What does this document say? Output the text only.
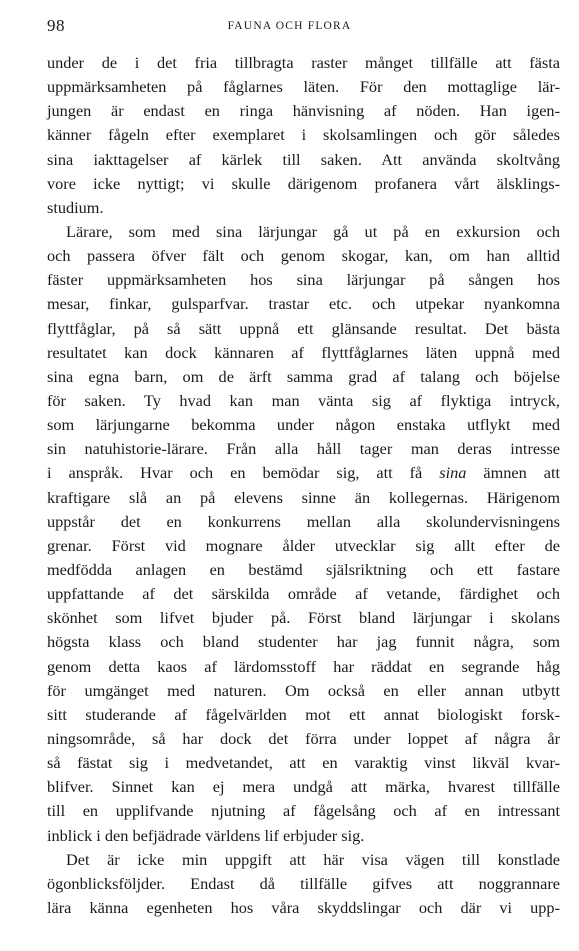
98	FAUNA OCH FLORA
under de i det fria tillbragta raster månget tillfälle att fästa
uppmärksamheten på fåglarnes läten. För den mottaglige lär-
jungen är endast en ringa hänvisning af nöden. Han igen-
känner fågeln efter exemplaret i skolsamlingen och gör således
sina iakttagelser af kärlek till saken. Att använda skoltvång
vore icke nyttigt; vi skulle därigenom profanera vårt älsklings-
studium.
Lärare, som med sina lärjungar gå ut på en exkursion och
och passera öfver fält och genom skogar, kan, om han alltid
fäster uppmärksamheten hos sina lärjungar på sången hos
mesar, finkar, gulsparfvar. trastar etc. och utpekar nyankomna
flyttfåglar, på så sätt uppnå ett glänsande resultat. Det bästa
resultatet kan dock kännaren af flyttfåglarnes läten uppnå med
sina egna barn, om de ärft samma grad af talang och böjelse
för saken. Ty hvad kan man vänta sig af flyktiga intryck,
som lärjungarne bekomma under någon enstaka utflykt med
sin natuhistorie-lärare. Från alla håll tager man deras intresse
i anspråk. Hvar och en bemödar sig, att få sina ämnen att
kraftigare slå an på elevens sinne än kollegernas. Härigenom
uppstår det en konkurrens mellan alla skolundervisningens
grenar. Först vid mognare ålder utvecklar sig allt efter de
medfödda anlagen en bestämd själsriktning och ett fastare
uppfattande af det särskilda område af vetande, färdighet och
skönhet som lifvet bjuder på. Först bland lärjungar i skolans
högsta klass och bland studenter har jag funnit några, som
genom detta kaos af lärdomsstoff har räddat en segrande håg
för umgänget med naturen. Om också en eller annan utbytt
sitt studerande af fågelvärlden mot ett annat biologiskt forsk-
ningsområde, så har dock det förra under loppet af några år
så fästat sig i medvetandet, att en varaktig vinst likväl kvar-
blifver. Sinnet kan ej mera undgå att märka, hvarest tillfälle
till en upplifvande njutning af fågelsång och af en intressant
inblick i den befjädrade världens lif erbjuder sig.
Det är icke min uppgift att här visa vägen till konstlade
ögonblicksföljder. Endast då tillfälle gifves att noggrannare
lära känna egenheten hos våra skyddslingar och där vi upp-
